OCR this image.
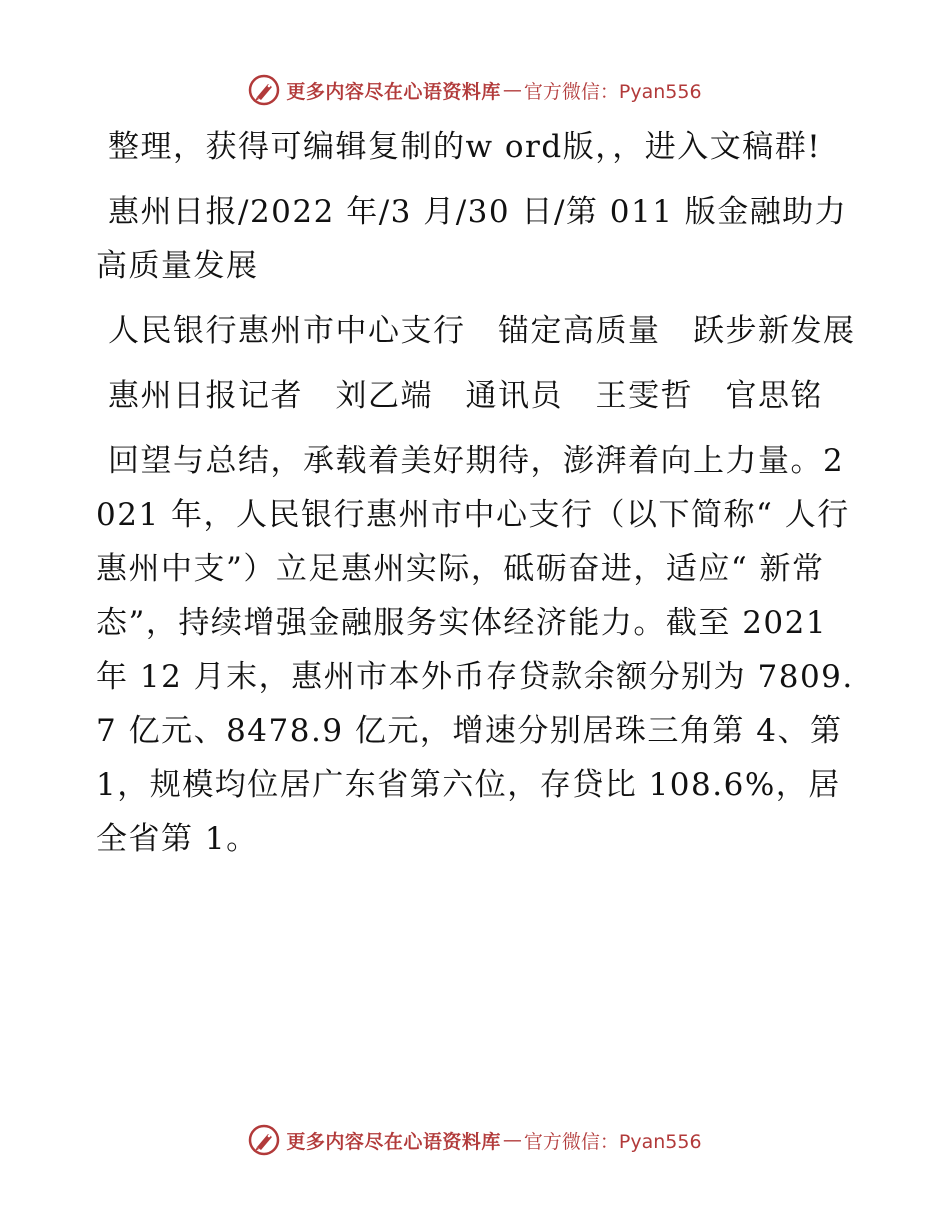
更多内容尽在心语资料库 — 官方微信：Pyan556

整理，获得可编辑复制的w ord版，，进入文稿群!

惠州日报/2022 年/3 月/30 日/第 011 版金融助力高质量发展

人民银行惠州市中心支行　锚定高质量　跃步新发展

惠州日报记者　刘乙端　通讯员　王雯哲　官思铭

回望与总结，承载着美好期待，澎湃着向上力量。2021 年，人民银行惠州市中心支行（以下简称“ 人行惠州中支”）立足惠州实际，砥砺奋进，适应“ 新常态”，持续增强金融服务实体经济能力。截至 2021 年 12 月末，惠州市本外币存贷款余额分别为 7809.7 亿元、8478.9 亿元，增速分别居珠三角第 4、第 1，规模均位居广东省第六位，存贷比 108.6%，居全省第 1。

更多内容尽在心语资料库 — 官方微信：Pyan556
